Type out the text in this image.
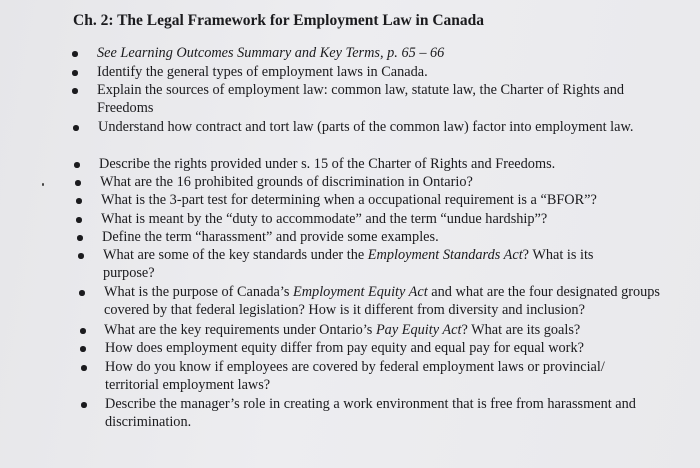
Ch. 2: The Legal Framework for Employment Law in Canada
See Learning Outcomes Summary and Key Terms, p. 65 – 66
Identify the general types of employment laws in Canada.
Explain the sources of employment law: common law, statute law, the Charter of Rights and Freedoms
Understand how contract and tort law (parts of the common law) factor into employment law.
Describe the rights provided under s. 15 of the Charter of Rights and Freedoms.
What are the 16 prohibited grounds of discrimination in Ontario?
What is the 3-part test for determining when a occupational requirement is a “BFOR”?
What is meant by the “duty to accommodate” and the term “undue hardship”?
Define the term “harassment” and provide some examples.
What are some of the key standards under the Employment Standards Act? What is its purpose?
What is the purpose of Canada’s Employment Equity Act and what are the four designated groups covered by that federal legislation? How is it different from diversity and inclusion?
What are the key requirements under Ontario’s Pay Equity Act? What are its goals?
How does employment equity differ from pay equity and equal pay for equal work?
How do you know if employees are covered by federal employment laws or provincial/ territorial employment laws?
Describe the manager’s role in creating a work environment that is free from harassment and discrimination.
